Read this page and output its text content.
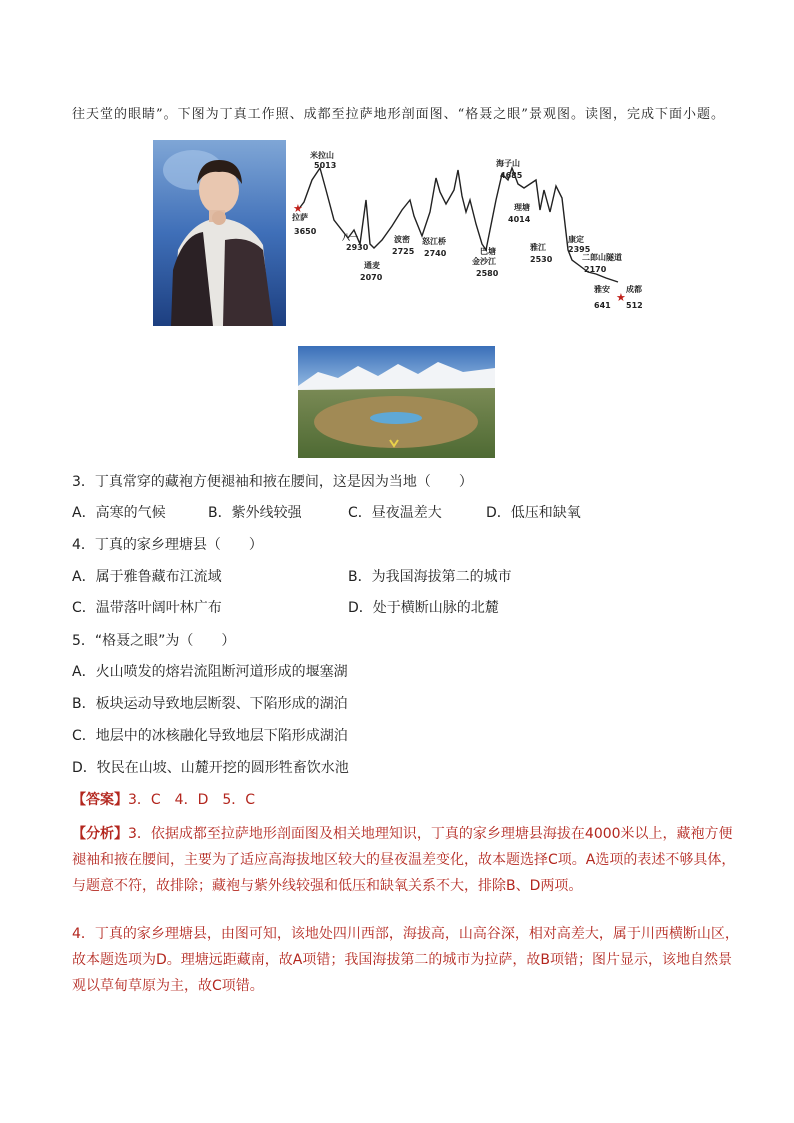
往天堂的眼睛”。下图为丁真工作照、成都至拉萨地形剖面图、“格聂之眼”景观图。读图，完成下面小题。
米拉山
5013
拉萨
3650
八一
2930
通麦
2070
波密
2725
怒江桥
2740	巴塘
金沙江
2580
海子山
4685
理塘
4014
雅江
2530
康定
2395
二郎山隧道
2170
雅安
641
成都
512
★
★
3．丁真常穿的藏袍方便褪袖和掖在腰间，这是因为当地（　　）
A．高寒的气候	B．紫外线较强	C．昼夜温差大	D．低压和缺氧
4．丁真的家乡理塘县（　　）
A．属于雅鲁藏布江流域	B．为我国海拔第二的城市
C．温带落叶阔叶林广布	D．处于横断山脉的北麓
5．“格聂之眼”为（　　）
A．火山喷发的熔岩流阻断河道形成的堰塞湖
B．板块运动导致地层断裂、下陷形成的湖泊
C．地层中的冰核融化导致地层下陷形成湖泊
D．牧民在山坡、山麓开挖的圆形牲畜饮水池
【答案】3．C　4．D　5．C
【分析】3．依据成都至拉萨地形剖面图及相关地理知识，丁真的家乡理塘县海拔在4000米以上，藏袍方便褪袖和掖在腰间，主要为了适应高海拔地区较大的昼夜温差变化，故本题选择C项。A选项的表述不够具体，与题意不符，故排除；藏袍与紫外线较强和低压和缺氧关系不大，排除B、D两项。
4．丁真的家乡理塘县，由图可知，该地处四川西部，海拔高，山高谷深，相对高差大，属于川西横断山区，故本题选项为D。理塘远距藏南，故A项错；我国海拔第二的城市为拉萨，故B项错；图片显示，该地自然景观以草甸草原为主，故C项错。
